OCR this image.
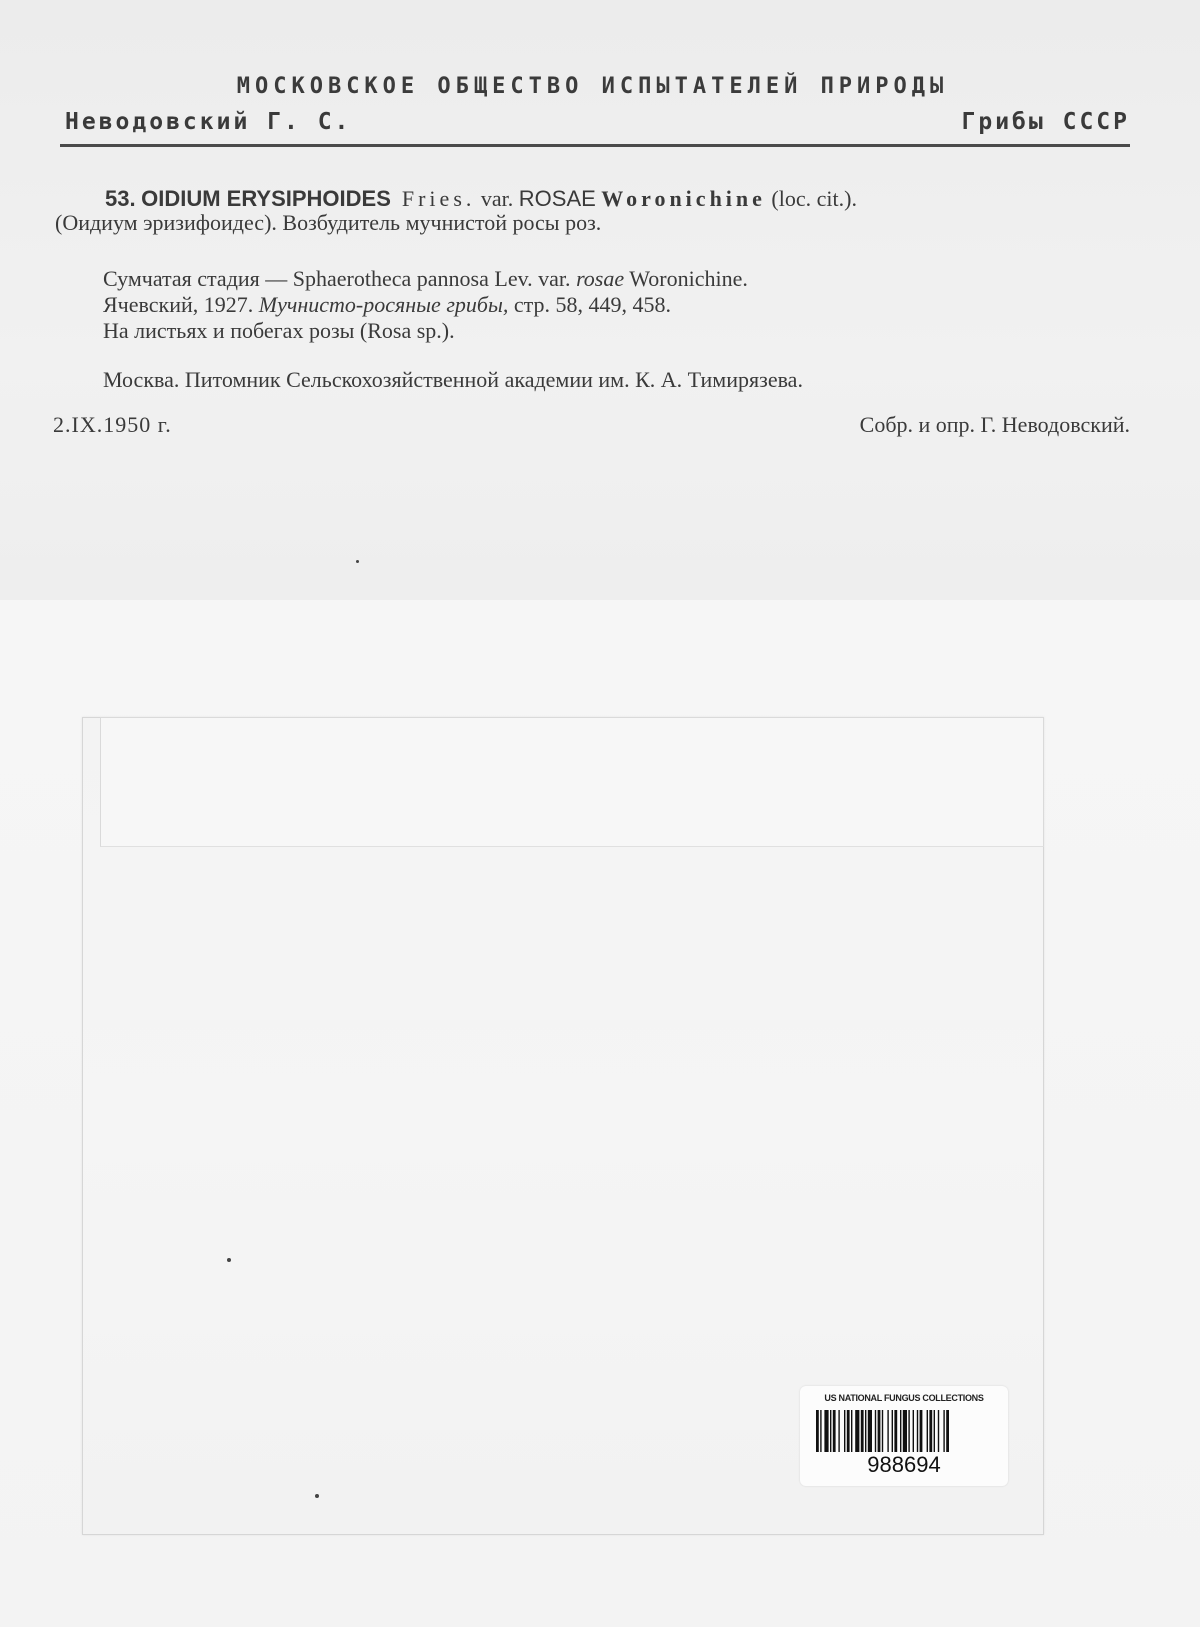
МОСКОВСКОЕ ОБЩЕСТВО ИСПЫТАТЕЛЕЙ ПРИРОДЫ
Неводовский Г. С.	Грибы СССР
53. OIDIUM ERYSIPHOIDES Fries. var. ROSAE Woronichine (loc. cit.).
(Оидиум эризифоидес). Возбудитель мучнистой росы роз.
Сумчатая стадия — Sphaerotheca pannosa Lev. var. rosae Woronichine.
Ячевский, 1927. Мучнисто-росяные грибы, стр. 58, 449, 458.
На листьях и побегах розы (Rosa sp.).
Москва. Питомник Сельскохозяйственной академии им. К. А. Тимирязева.
2.IX.1950 г.	Собр. и опр. Г. Неводовский.
US NATIONAL FUNGUS COLLECTIONS
988694
